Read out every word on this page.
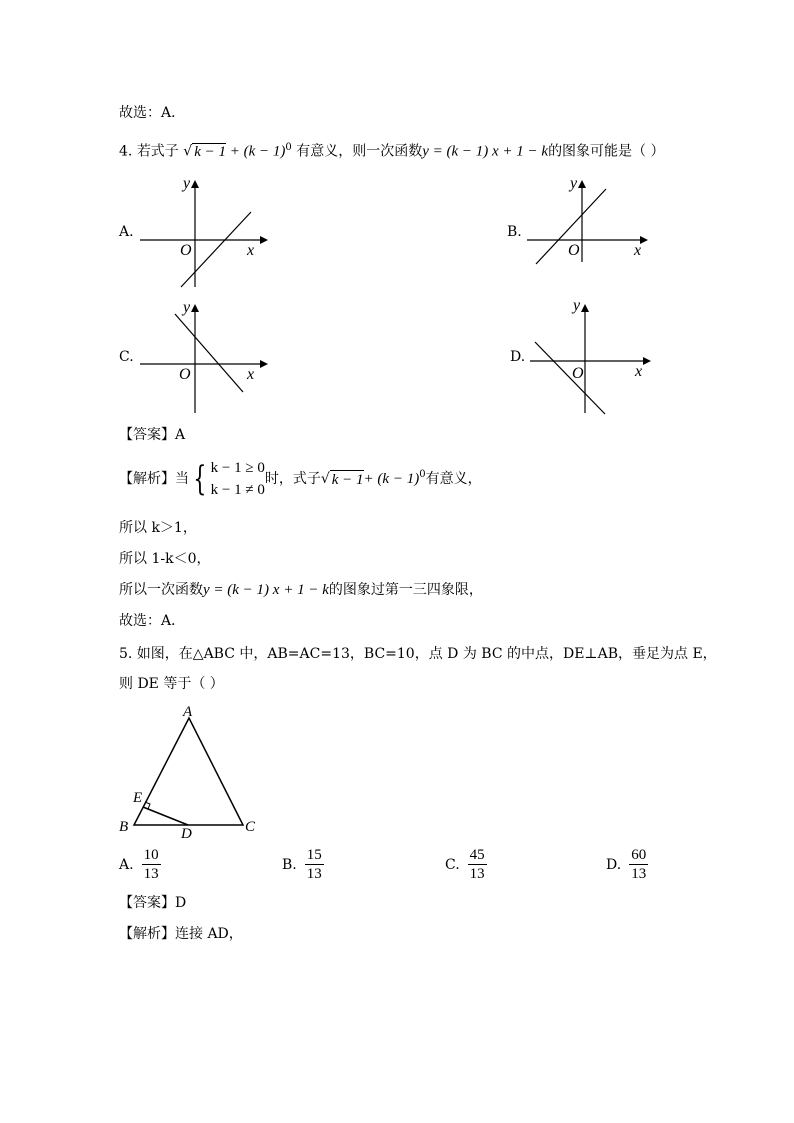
故选：A．
4. 若式子 √ $k - 1 + (k - 1)^0$ 有意义，则一次函数y = (k − 1) x + 1 − k的图象可能是（ ）
A.
y
x
O
B.
y
x
O
C.
y
x
O
D.
y
x
O
【答案】A
【解析】当 { k − 1 ≥ 0
k − 1 ≠ 0
时，式子 √ $k - 1 + (k - 1)^0$ 有意义，
所以 k＞1，
所以 1-k＜0，
所以一次函数y = (k − 1) x + 1 − k的图象过第一三四象限，
故选：A．
5. 如图，在△ABC 中，AB=AC=13，BC=10，点 D 为 BC 的中点，DE⊥AB，垂足为点 E，
则 DE 等于（ ）
A
B	C
D
E
A. $\frac{10}{13}$	B. $\frac{15}{13}$	C. $\frac{45}{13}$	D. $\frac{60}{13}$
【答案】D
【解析】连接 AD，
